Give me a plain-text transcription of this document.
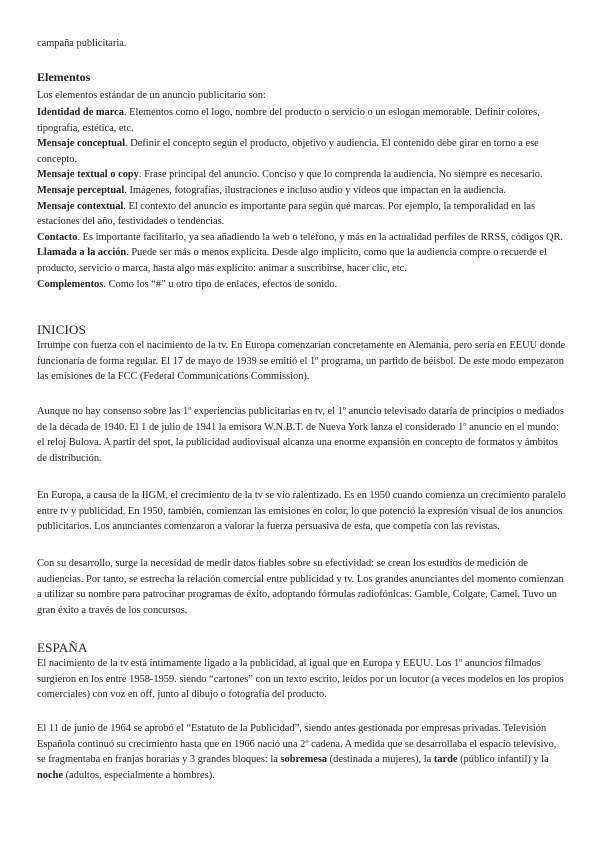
campaña publicitaria.

Elementos

Los elementos estándar de un anuncio publicitario son:

Identidad de marca. Elementos como el logo, nombre del producto o servicio o un eslogan memorable. Definir colores, tipografía, estética, etc.

Mensaje conceptual. Definir el concepto según el producto, objetivo y audiencia. El contenido debe girar en torno a ese concepto.

Mensaje textual o copy. Frase principal del anuncio. Conciso y que lo comprenda la audiencia. No siempre es necesario.

Mensaje perceptual. Imágenes, fotografías, ilustraciones e incluso audio y vídeos que impactan en la audiencia.

Mensaje contextual. El contexto del anuncio es importante para según qué marcas. Por ejemplo, la temporalidad en las estaciones del año, festividades o tendencias.

Contacto. Es importante facilitarlo, ya sea añadiendo la web o teléfono, y más en la actualidad perfiles de RRSS, códigos QR.

Llamada a la acción. Puede ser más o menos explícita. Desde algo implícito, como que la audiencia compre o recuerde el producto, servicio o marca, hasta algo más explícito: animar a suscribirse, hacer clic, etc.

Complementos. Como los “#” u otro tipo de enlaces, efectos de sonido.

INICIOS

Irrumpe con fuerza con el nacimiento de la tv. En Europa comenzarían concretamente en Alemania, pero sería en EEUU donde funcionaría de forma regular. El 17 de mayo de 1939 se emitió el 1º programa, un partido de béisbol. De este modo empezaron las emisiones de la FCC (Federal Communications Commission).

Aunque no hay consenso sobre las 1º experiencias publicitarias en tv, el 1º anuncio televisado dataría de principios o mediados de la década de 1940. El 1 de julio de 1941 la emisora W.N.B.T. de Nueva York lanza el considerado 1º anuncio en el mundo: el reloj Bulova. A partir del spot, la publicidad audiovisual alcanza una enorme expansión en concepto de formatos y ámbitos de distribución.

En Europa, a causa de la IIGM, el crecimiento de la tv se vio ralentizado. Es en 1950 cuando comienza un crecimiento paralelo entre tv y publicidad. En 1950, también, comienzan las emisiones en color, lo que potenció la expresión visual de los anuncios publicitarios. Los anunciantes comenzaron a valorar la fuerza persuasiva de esta, que competía con las revistas.

Con su desarrollo, surge la necesidad de medir datos fiables sobre su efectividad: se crean los estudios de medición de audiencias. Por tanto, se estrecha la relación comercial entre publicidad y tv. Los grandes anunciantes del momento comienzan a utilizar su nombre para patrocinar programas de éxito, adoptando fórmulas radiofónicas: Gamble, Colgate, Camel. Tuvo un gran éxito a través de los concursos.

ESPAÑA

El nacimiento de la tv está íntimamente ligado a la publicidad, al igual que en Europa y EEUU. Los 1º anuncios filmados surgieron en los entre 1958-1959. siendo “cartones” con un texto escrito, leídos por un locutor (a veces modelos en los propios comerciales) con voz en off, junto al dibujo o fotografía del producto.

El 11 de junio de 1964 se aprobó el “Estatuto de la Publicidad”, siendo antes gestionada por empresas privadas. Televisión Española continuó su crecimiento hasta que en 1966 nació una 2º cadena. A medida que se desarrollaba el espacio televisivo, se fragmentaba en franjas horarias y 3 grandes bloques: la sobremesa (destinada a mujeres), la tarde (público infantil) y la noche (adultos, especialmente a hombres).
